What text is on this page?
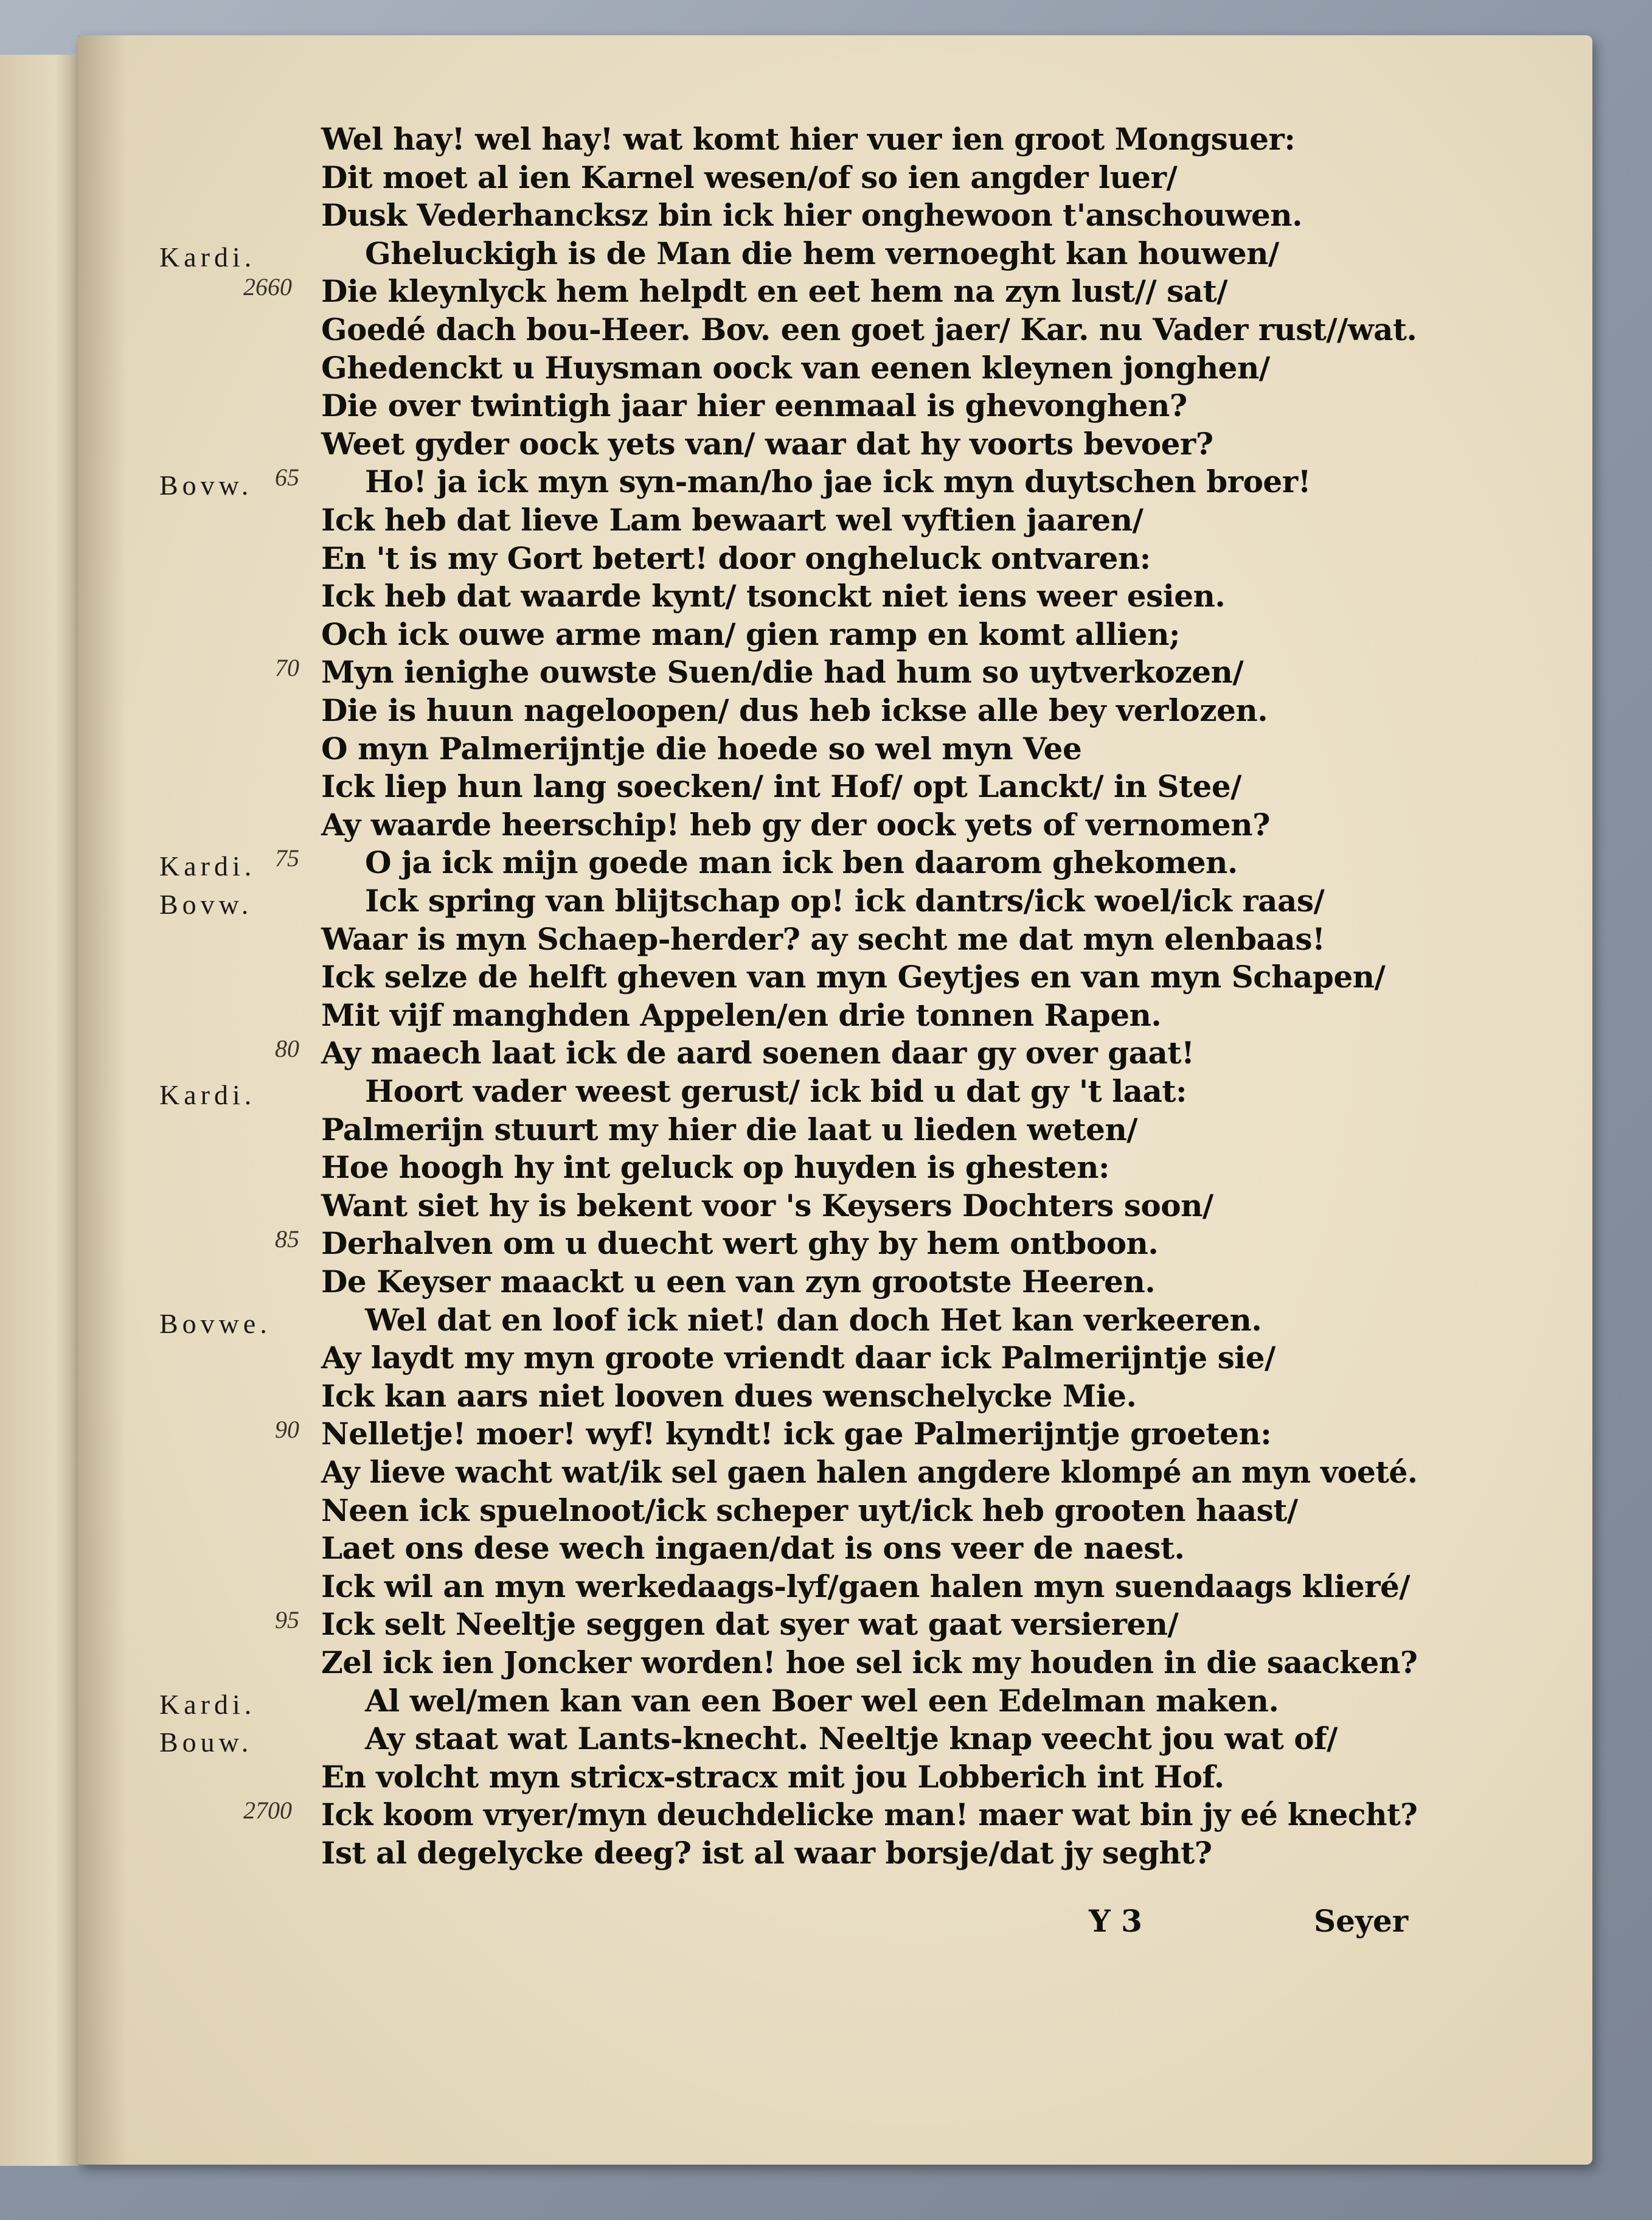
Wel hay! wel hay! wat komt hier vuer ien groot Mongsuer:
Dit moet al ien Karnel wesen/of so ien angder luer/
Dusk Vederhancksz bin ick hier onghewoon t'anschouwen.
Kardi.	Gheluckigh is de Man die hem vernoeght kan houwen/
2660 Die kleynlyck hem helpdt en eet hem na zyn lust// sat/
Goedé dach bou-Heer. Bov. een goet jaer/ Kar. nu Vader rust//wat.
Ghedenckt u Huysman oock van eenen kleynen jonghen/
Die over twintigh jaar hier eenmaal is ghevonghen?
Weet gyder oock yets van/ waar dat hy voorts bevoer?
Bovw. 65 Ho! ja ick myn syn-man/ho jae ick myn duytschen broer!
Ick heb dat lieve Lam bewaart wel vyftien jaaren/
En 't is my Gort betert! door ongheluck ontvaren:
Ick heb dat waarde kynt/ tsonckt niet iens weer esien.
Och ick ouwe arme man/ gien ramp en komt allien;
70 Myn ienighe ouwste Suen/die had hum so uytverkozen/
Die is huun nageloopen/ dus heb ickse alle bey verlozen.
O myn Palmerijntje die hoede so wel myn Vee
Ick liep hun lang soecken/ int Hof/ opt Lanckt/ in Stee/
Ay waarde heerschip! heb gy der oock yets of vernomen?
Kardi. 75 O ja ick mijn goede man ick ben daarom ghekomen.
Bovw.	Ick spring van blijtschap op! ick dantrs/ick woel/ick raas/
Waar is myn Schaep-herder? ay secht me dat myn elenbaas!
Ick selze de helft gheven van myn Geytjes en van myn Schapen/
Mit vijf manghden Appelen/en drie tonnen Rapen.
80 Ay maech laat ick de aard soenen daar gy over gaat!
Kardi.	Hoort vader weest gerust/ ick bid u dat gy 't laat:
Palmerijn stuurt my hier die laat u lieden weten/
Hoe hoogh hy int geluck op huyden is ghesten:
Want siet hy is bekent voor 's Keysers Dochters soon/
85 Derhalven om u duecht wert ghy by hem ontboon.
De Keyser maackt u een van zyn grootste Heeren.
Bovwe.	Wel dat en loof ick niet! dan doch Het kan verkeeren.
Ay laydt my myn groote vriendt daar ick Palmerijntje sie/
Ick kan aars niet looven dues wenschelycke Mie.
90 Nelletje! moer! wyf! kyndt! ick gae Palmerijntje groeten:
Ay lieve wacht wat/ik sel gaen halen angdere klompé an myn voeté.
Neen ick spuelnoot/ick scheper uyt/ick heb grooten haast/
Laet ons dese wech ingaen/dat is ons veer de naest.
Ick wil an myn werkedaags-lyf/gaen halen myn suendaags klieré/
95 Ick selt Neeltje seggen dat syer wat gaat versieren/
Zel ick ien Joncker worden! hoe sel ick my houden in die saacken?
Kardi.	Al wel/men kan van een Boer wel een Edelman maken.
Bouw.	Ay staat wat Lants-knecht. Neeltje knap veecht jou wat of/
En volcht myn stricx-stracx mit jou Lobberich int Hof.
2700 Ick koom vryer/myn deuchdelicke man! maer wat bin jy eé knecht?
Ist al degelycke deeg? ist al waar borsje/dat jy seght?
Y 3	Seyer
